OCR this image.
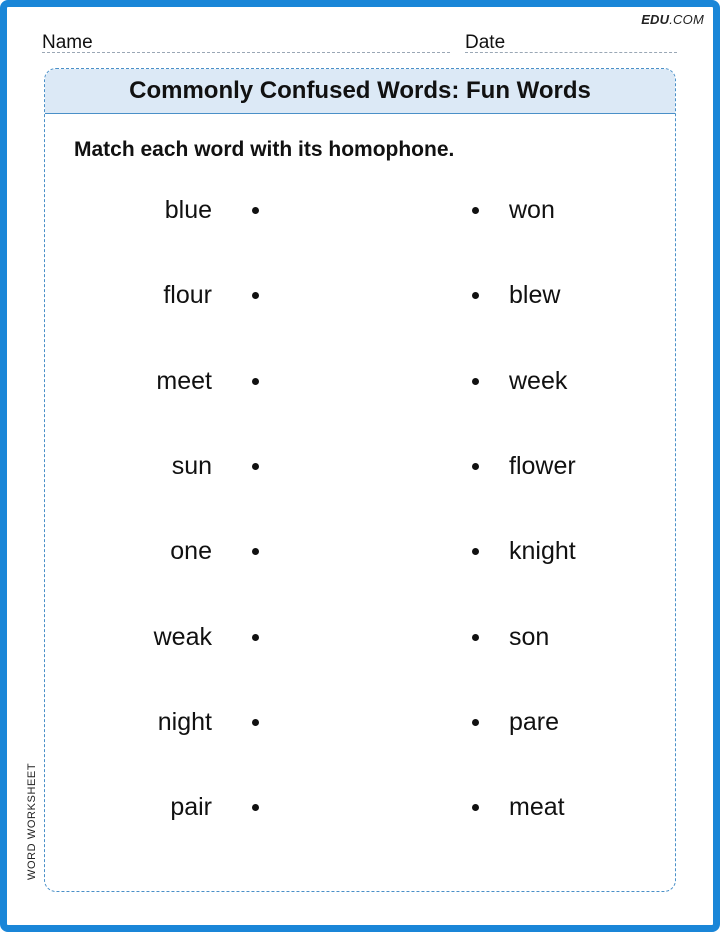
EDU.COM
Name	Date
Commonly Confused Words: Fun Words
Match each word with its homophone.
blue	won
flour	blew
meet	week
sun	flower
one	knight
weak	son
night	pare
pair	meat
WORD WORKSHEET
